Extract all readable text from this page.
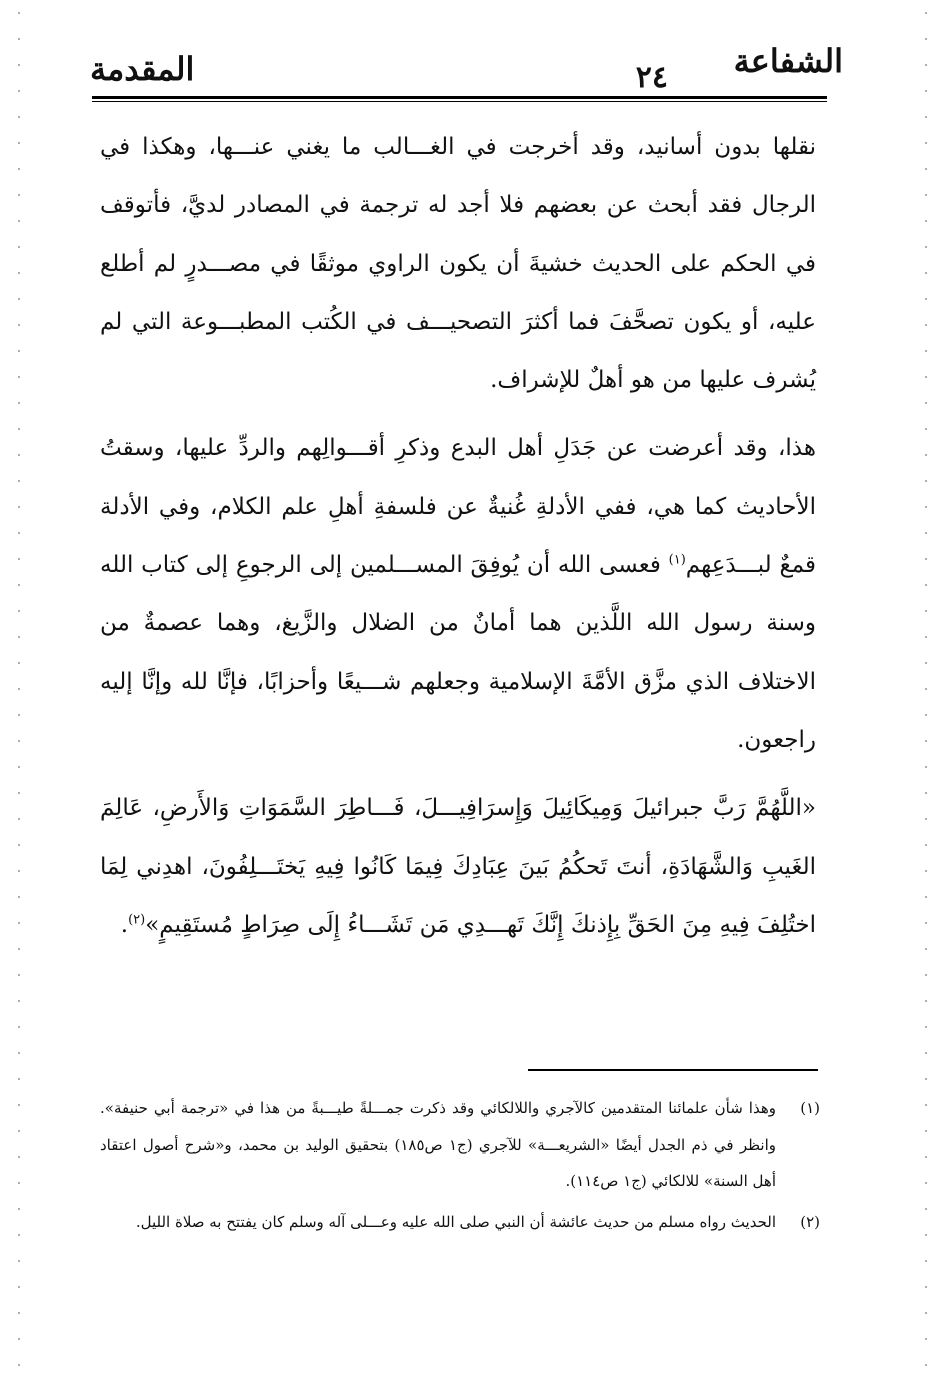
الشفاعة
٢٤
المقدمة

نقلها بدون أسانيد، وقد أخرجت في الغـــالب ما يغني عنـــها، وهكذا في الرجال فقد أبحث عن بعضهم فلا أجد له ترجمة في المصادر لديَّ، فأتوقف في الحكم على الحديث خشيةَ أن يكون الراوي موثقًا في مصـــدرٍ لم أطلع عليه، أو يكون تصحَّفَ فما أكثرَ التصحيـــف في الكُتب المطبـــوعة التي لم يُشرف عليها من هو أهلٌ للإشراف.

هذا، وقد أعرضت عن جَدَلِ أهل البدع وذكرِ أقـــوالِهم والردِّ عليها، وسقتُ الأحاديث كما هي، ففي الأدلةِ غُنيةٌ عن فلسفةِ أهلِ علم الكلام، وفي الأدلة قمعٌ لبـــدَعِهم$^{(١)}$ فعسى الله أن يُوفِقَ المســـلمين إلى الرجوعِ إلى كتاب الله وسنة رسول الله اللَّذين هما أمانٌ من الضلال والزَّيغ، وهما عصمةٌ من الاختلاف الذي مزَّق الأمَّةَ الإسلامية وجعلهم شـــيعًا وأحزابًا، فإنَّا لله وإنَّا إليه راجعون.

«اللَّهُمَّ رَبَّ جبرائيلَ وَمِيكَائِيلَ وَإِسرَافِيـــلَ، فَـــاطِرَ السَّمَوَاتِ وَالأَرضِ، عَالِمَ الغَيبِ وَالشَّهَادَةِ، أنتَ تَحكُمُ بَينَ عِبَادِكَ فِيمَا كَانُوا فِيهِ يَختَـــلِفُونَ، اهدِني لِمَا اختُلِفَ فِيهِ مِنَ الحَقِّ بِإِذنكَ إِنَّكَ تَهـــدِي مَن تَشَـــاءُ إِلَى صِرَاطٍ مُستَقِيمٍ»$^{(٢)}$.

(١)
وهذا شأن علمائنا المتقدمين كالآجري واللالكائي وقد ذكرت جمـــلةً طيـــبةً من هذا في «ترجمة أبي حنيفة». وانظر في ذم الجدل أيضًا «الشريعـــة» للآجري (ج١ ص١٨٥) بتحقيق الوليد بن محمد، و«شرح أصول اعتقاد أهل السنة» للالكائي (ج١ ص١١٤).
(٢)
الحديث رواه مسلم من حديث عائشة أن النبي صلى الله عليه وعـــلى آله وسلم كان يفتتح به صلاة الليل.
